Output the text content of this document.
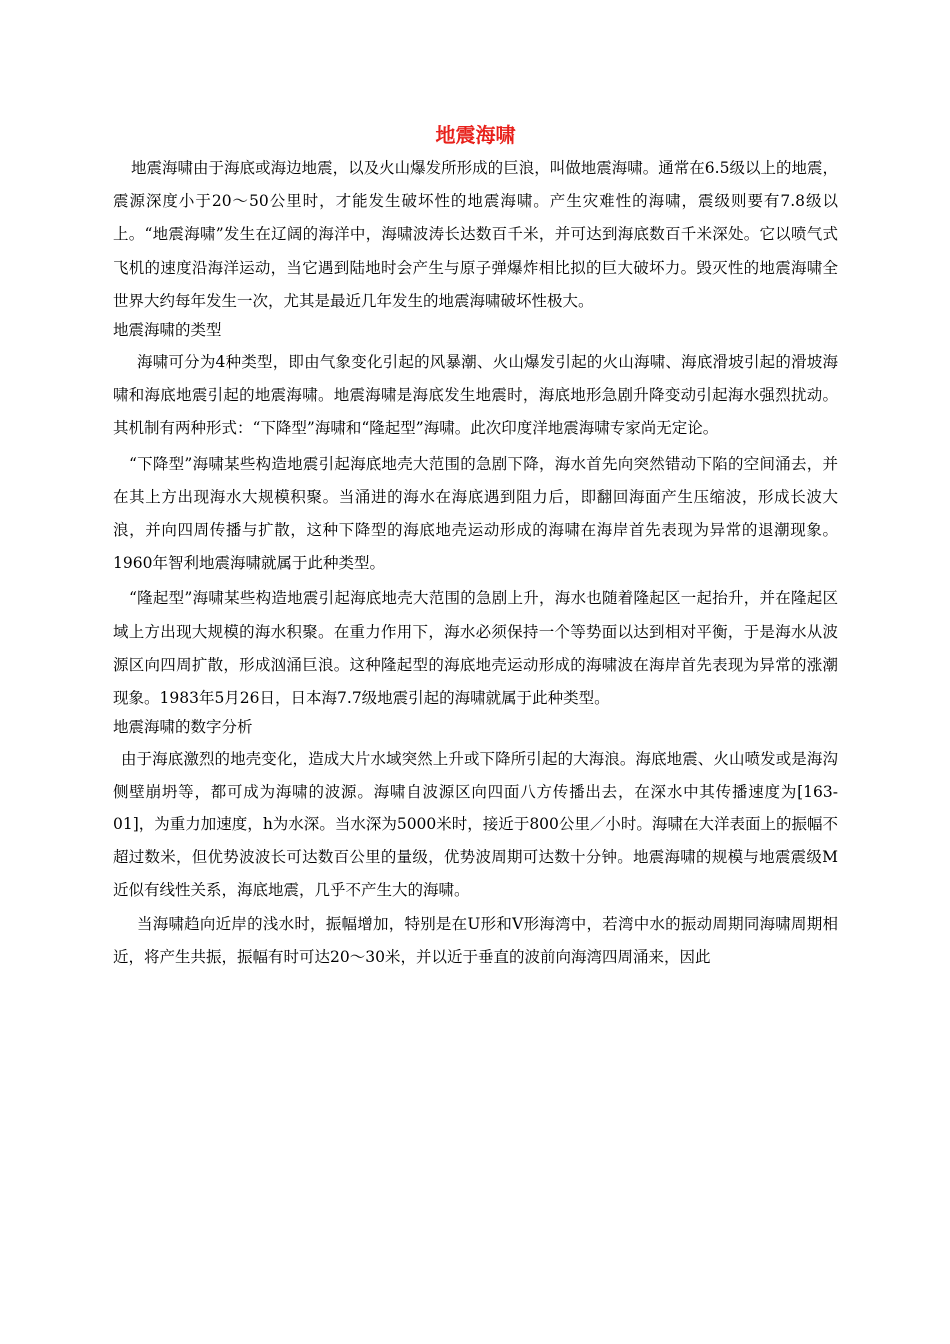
地震海啸

地震海啸由于海底或海边地震，以及火山爆发所形成的巨浪，叫做地震海啸。通常在6.5级以上的地震，震源深度小于20～50公里时，才能发生破坏性的地震海啸。产生灾难性的海啸，震级则要有7.8级以上。“地震海啸”发生在辽阔的海洋中，海啸波涛长达数百千米，并可达到海底数百千米深处。它以喷气式飞机的速度沿海洋运动，当它遇到陆地时会产生与原子弹爆炸相比拟的巨大破坏力。毁灭性的地震海啸全世界大约每年发生一次，尤其是最近几年发生的地震海啸破坏性极大。

地震海啸的类型

海啸可分为4种类型，即由气象变化引起的风暴潮、火山爆发引起的火山海啸、海底滑坡引起的滑坡海啸和海底地震引起的地震海啸。地震海啸是海底发生地震时，海底地形急剧升降变动引起海水强烈扰动。其机制有两种形式：“下降型”海啸和“隆起型”海啸。此次印度洋地震海啸专家尚无定论。

“下降型”海啸某些构造地震引起海底地壳大范围的急剧下降，海水首先向突然错动下陷的空间涌去，并在其上方出现海水大规模积聚。当涌进的海水在海底遇到阻力后，即翻回海面产生压缩波，形成长波大浪，并向四周传播与扩散，这种下降型的海底地壳运动形成的海啸在海岸首先表现为异常的退潮现象。1960年智利地震海啸就属于此种类型。

“隆起型”海啸某些构造地震引起海底地壳大范围的急剧上升，海水也随着隆起区一起抬升，并在隆起区域上方出现大规模的海水积聚。在重力作用下，海水必须保持一个等势面以达到相对平衡，于是海水从波源区向四周扩散，形成汹涌巨浪。这种隆起型的海底地壳运动形成的海啸波在海岸首先表现为异常的涨潮现象。1983年5月26日，日本海7.7级地震引起的海啸就属于此种类型。

地震海啸的数字分析

由于海底激烈的地壳变化，造成大片水域突然上升或下降所引起的大海浪。海底地震、火山喷发或是海沟侧壁崩坍等，都可成为海啸的波源。海啸自波源区向四面八方传播出去，在深水中其传播速度为[163-01]，为重力加速度，h为水深。当水深为5000米时，接近于800公里／小时。海啸在大洋表面上的振幅不超过数米，但优势波波长可达数百公里的量级，优势波周期可达数十分钟。地震海啸的规模与地震震级M近似有线性关系，海底地震，几乎不产生大的海啸。

当海啸趋向近岸的浅水时，振幅增加，特别是在U形和V形海湾中，若湾中水的振动周期同海啸周期相近，将产生共振，振幅有时可达20～30米，并以近于垂直的波前向海湾四周涌来，因此
